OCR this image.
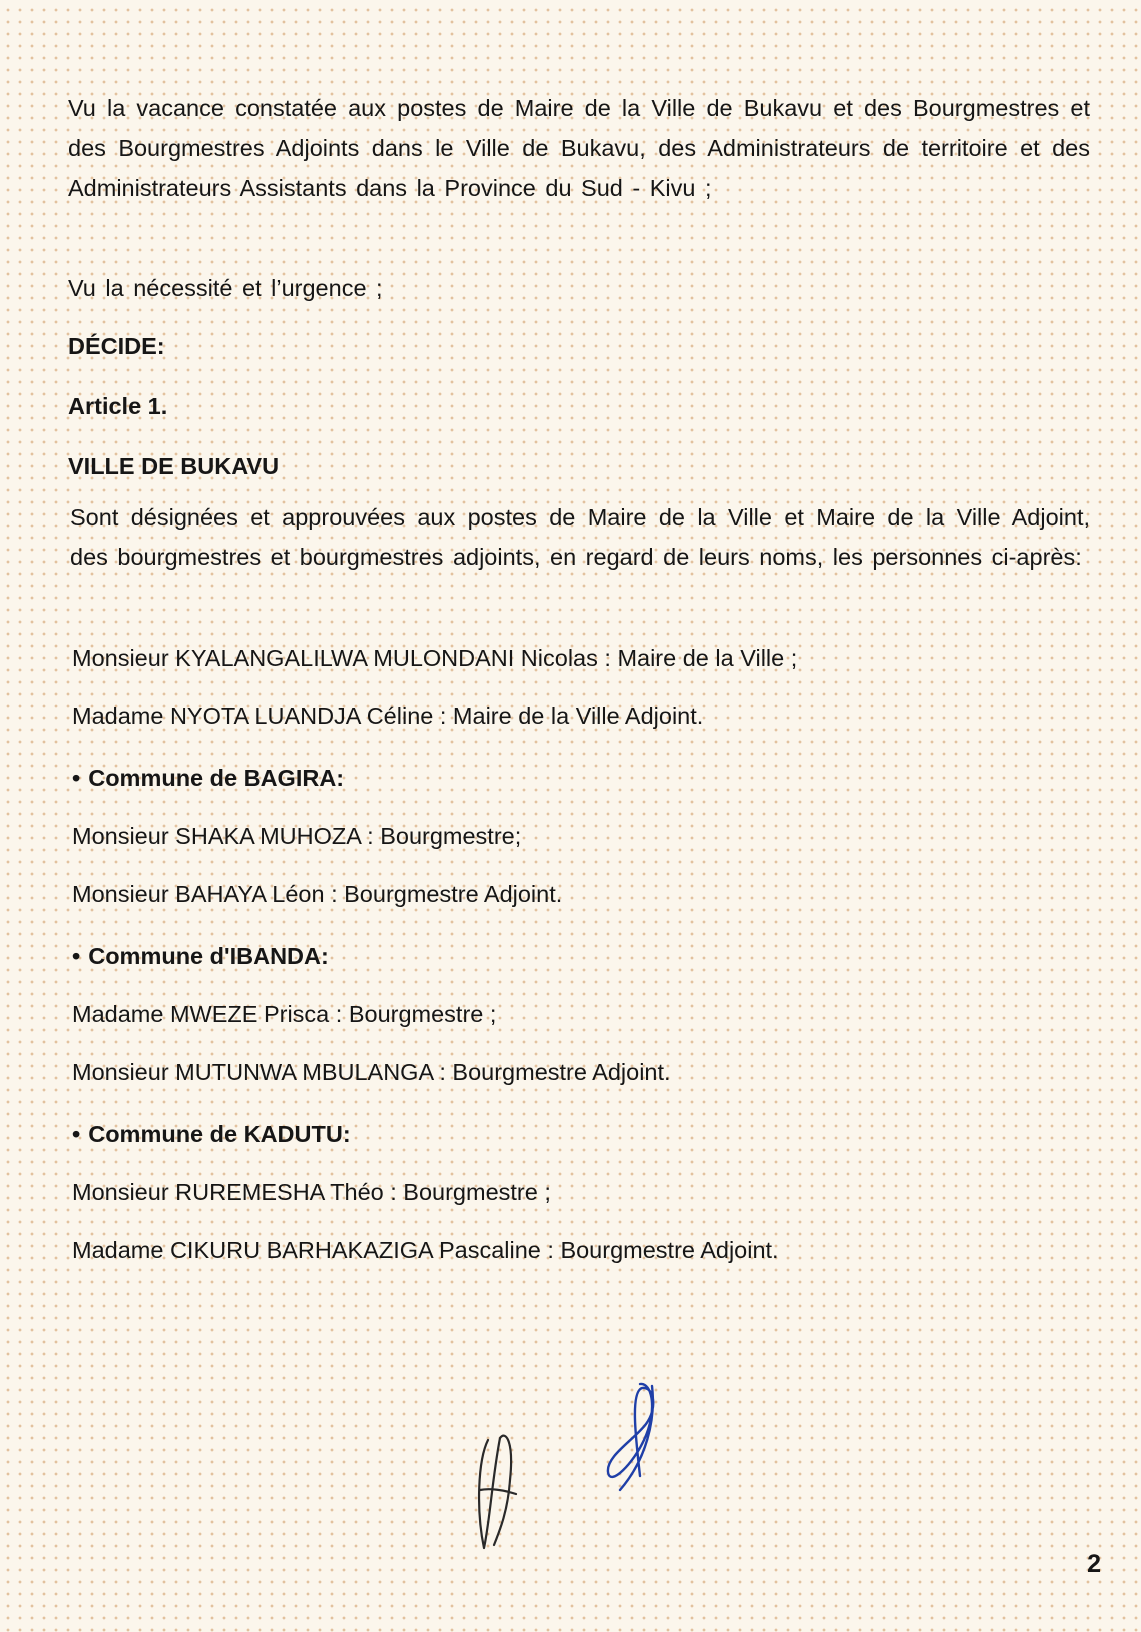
Vu la vacance constatée aux postes de Maire de la Ville de Bukavu et des Bourgmestres et des Bourgmestres Adjoints dans le Ville de Bukavu, des Administrateurs de territoire et des Administrateurs Assistants dans la Province du Sud - Kivu ;

Vu la nécessité et l’urgence ;

DÉCIDE:

Article 1.

VILLE DE BUKAVU

Sont désignées et approuvées aux postes de Maire de la Ville et Maire de la Ville Adjoint, des bourgmestres et bourgmestres adjoints, en regard de leurs noms, les personnes ci-après:

Monsieur KYALANGALILWA MULONDANI Nicolas : Maire de la Ville ;

Madame NYOTA LUANDJA Céline : Maire de la Ville Adjoint.

• Commune de BAGIRA:

Monsieur SHAKA MUHOZA : Bourgmestre;

Monsieur BAHAYA Léon : Bourgmestre Adjoint.

• Commune d'IBANDA:

Madame MWEZE Prisca : Bourgmestre ;

Monsieur MUTUNWA MBULANGA : Bourgmestre Adjoint.

• Commune de KADUTU:

Monsieur RUREMESHA Théo : Bourgmestre ;

Madame CIKURU BARHAKAZIGA Pascaline : Bourgmestre Adjoint.

2
